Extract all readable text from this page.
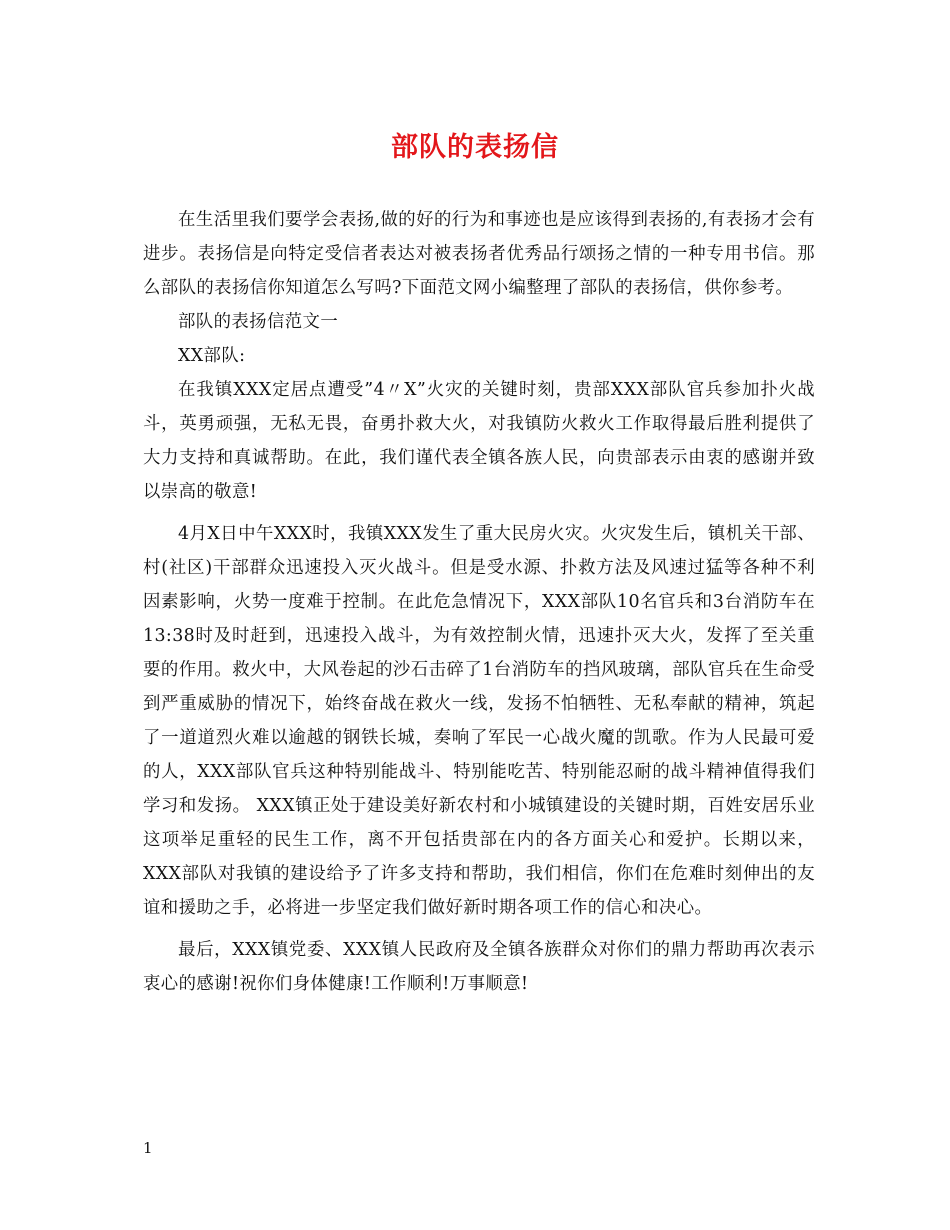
部队的表扬信

在生活里我们要学会表扬,做的好的行为和事迹也是应该得到表扬的,有表扬才会有进步。表扬信是向特定受信者表达对被表扬者优秀品行颂扬之情的一种专用书信。那么部队的表扬信你知道怎么写吗?下面范文网小编整理了部队的表扬信，供你参考。

部队的表扬信范文一

XX部队:

在我镇XXX定居点遭受”4〃X”火灾的关键时刻，贵部XXX部队官兵参加扑火战斗，英勇顽强，无私无畏，奋勇扑救大火，对我镇防火救火工作取得最后胜利提供了大力支持和真诚帮助。在此，我们谨代表全镇各族人民，向贵部表示由衷的感谢并致以崇高的敬意!

4月X日中午XXX时，我镇XXX发生了重大民房火灾。火灾发生后，镇机关干部、村(社区)干部群众迅速投入灭火战斗。但是受水源、扑救方法及风速过猛等各种不利因素影响，火势一度难于控制。在此危急情况下，XXX部队10名官兵和3台消防车在13:38时及时赶到，迅速投入战斗，为有效控制火情，迅速扑灭大火，发挥了至关重要的作用。救火中，大风卷起的沙石击碎了1台消防车的挡风玻璃，部队官兵在生命受到严重威胁的情况下，始终奋战在救火一线，发扬不怕牺牲、无私奉献的精神，筑起了一道道烈火难以逾越的钢铁长城，奏响了军民一心战火魔的凯歌。作为人民最可爱的人，XXX部队官兵这种特别能战斗、特别能吃苦、特别能忍耐的战斗精神值得我们学习和发扬。 XXX镇正处于建设美好新农村和小城镇建设的关键时期，百姓安居乐业这项举足重轻的民生工作，离不开包括贵部在内的各方面关心和爱护。长期以来，XXX部队对我镇的建设给予了许多支持和帮助，我们相信，你们在危难时刻伸出的友谊和援助之手，必将进一步坚定我们做好新时期各项工作的信心和决心。

最后，XXX镇党委、XXX镇人民政府及全镇各族群众对你们的鼎力帮助再次表示衷心的感谢!祝你们身体健康!工作顺利!万事顺意!

1
